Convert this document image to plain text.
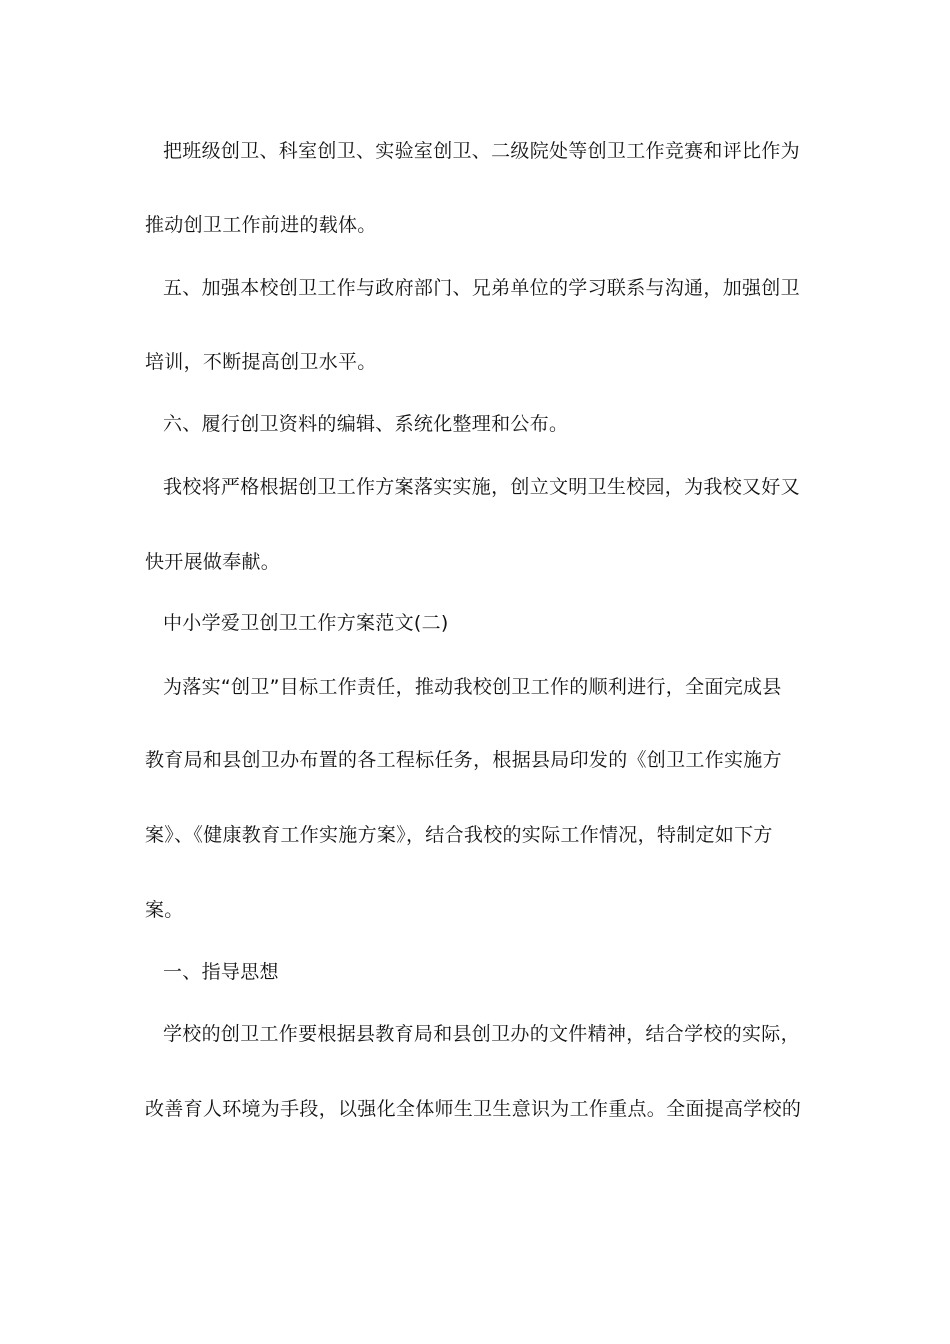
把班级创卫、科室创卫、实验室创卫、二级院处等创卫工作竞赛和评比作为
推动创卫工作前进的载体。
五、加强本校创卫工作与政府部门、兄弟单位的学习联系与沟通，加强创卫
培训，不断提高创卫水平。
六、履行创卫资料的编辑、系统化整理和公布。
我校将严格根据创卫工作方案落实实施，创立文明卫生校园，为我校又好又
快开展做奉献。
中小学爱卫创卫工作方案范文(二)
为落实“创卫”目标工作责任，推动我校创卫工作的顺利进行，全面完成县
教育局和县创卫办布置的各工程标任务，根据县局印发的《创卫工作实施方
案》、《健康教育工作实施方案》，结合我校的实际工作情况，特制定如下方
案。
一、指导思想
学校的创卫工作要根据县教育局和县创卫办的文件精神，结合学校的实际，
改善育人环境为手段，以强化全体师生卫生意识为工作重点。全面提高学校的
